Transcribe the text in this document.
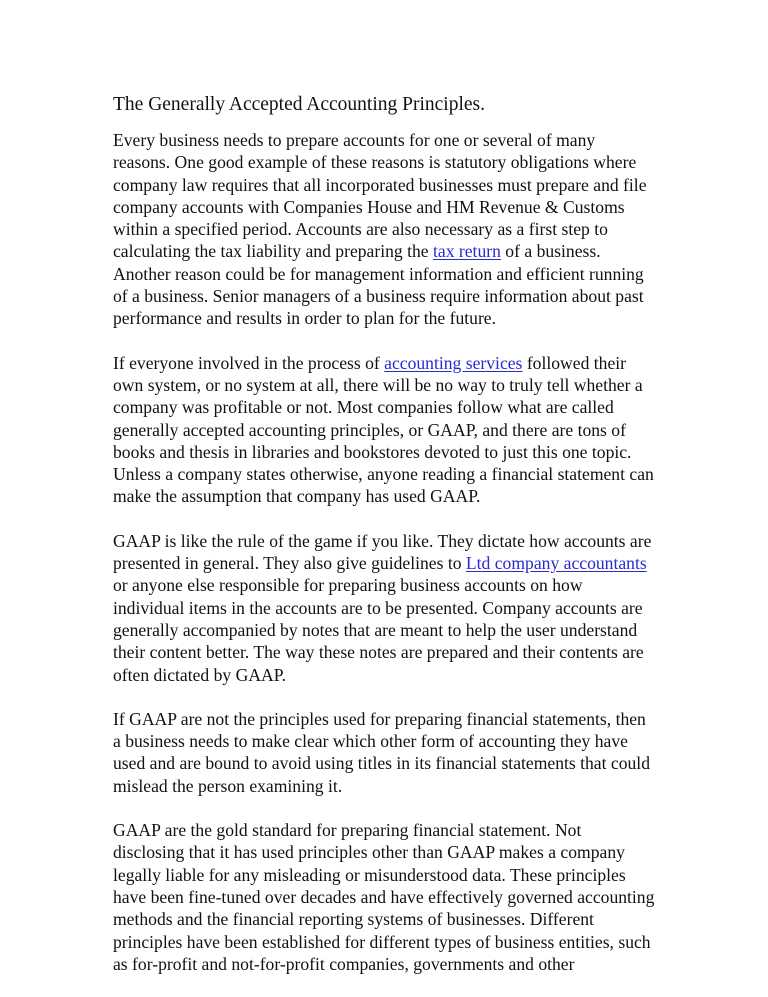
The Generally Accepted Accounting Principles.

Every business needs to prepare accounts for one or several of many
reasons. One good example of these reasons is statutory obligations where
company law requires that all incorporated businesses must prepare and file
company accounts with Companies House and HM Revenue & Customs
within a specified period. Accounts are also necessary as a first step to
calculating the tax liability and preparing the tax return of a business.
Another reason could be for management information and efficient running
of a business. Senior managers of a business require information about past
performance and results in order to plan for the future.

If everyone involved in the process of accounting services followed their
own system, or no system at all, there will be no way to truly tell whether a
company was profitable or not. Most companies follow what are called
generally accepted accounting principles, or GAAP, and there are tons of
books and thesis in libraries and bookstores devoted to just this one topic.
Unless a company states otherwise, anyone reading a financial statement can
make the assumption that company has used GAAP.

GAAP is like the rule of the game if you like. They dictate how accounts are
presented in general. They also give guidelines to Ltd company accountants
or anyone else responsible for preparing business accounts on how
individual items in the accounts are to be presented. Company accounts are
generally accompanied by notes that are meant to help the user understand
their content better. The way these notes are prepared and their contents are
often dictated by GAAP.

If GAAP are not the principles used for preparing financial statements, then
a business needs to make clear which other form of accounting they have
used and are bound to avoid using titles in its financial statements that could
mislead the person examining it.

GAAP are the gold standard for preparing financial statement. Not
disclosing that it has used principles other than GAAP makes a company
legally liable for any misleading or misunderstood data. These principles
have been fine-tuned over decades and have effectively governed accounting
methods and the financial reporting systems of businesses. Different
principles have been established for different types of business entities, such
as for-profit and not-for-profit companies, governments and other
